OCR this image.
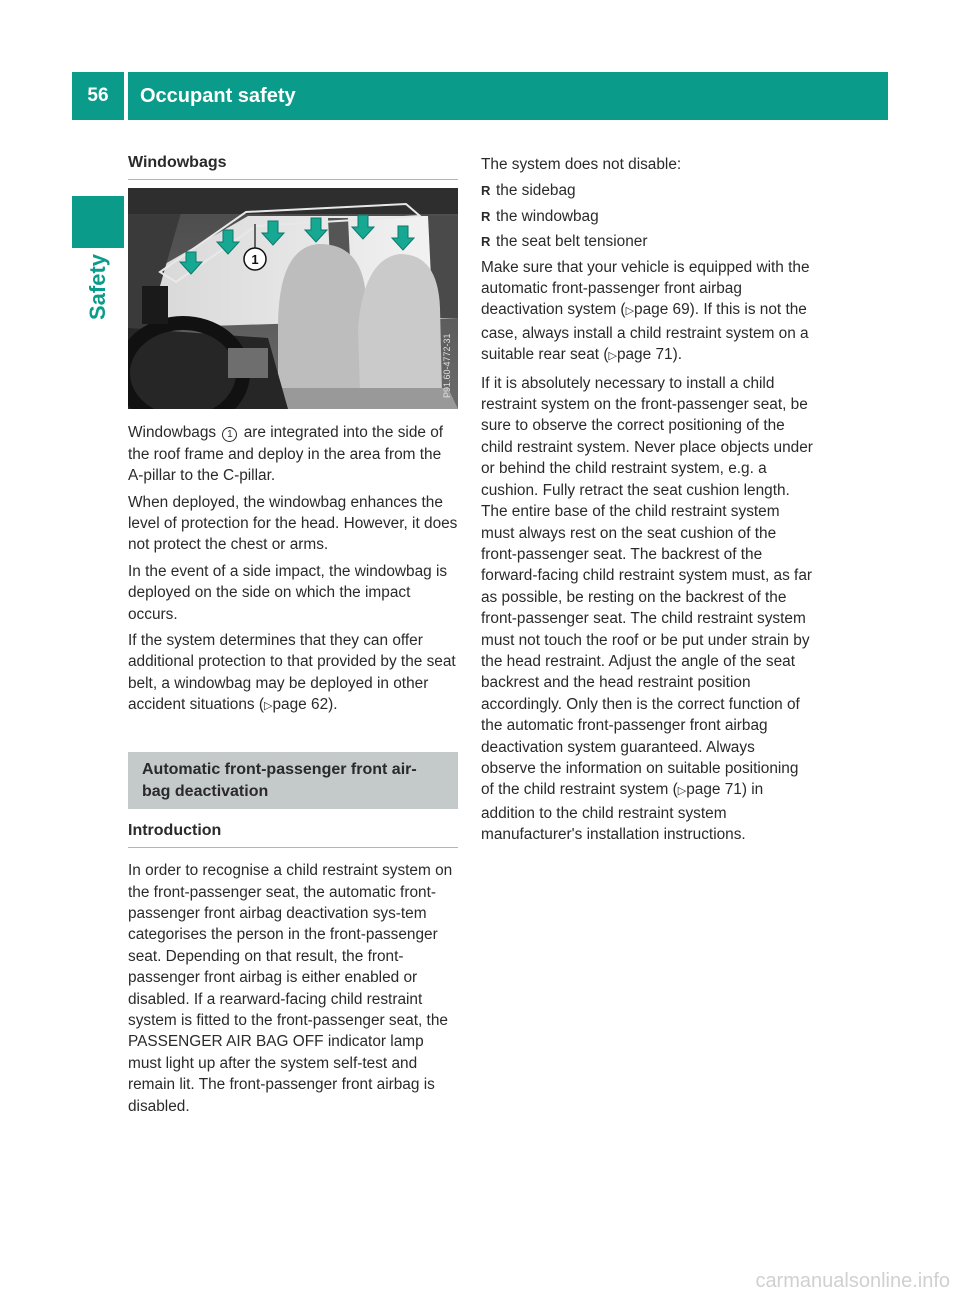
56	Occupant safety
Safety
Windowbags
1
P91.60-4772-31

Windowbags 1 are integrated into the side of the roof frame and deploy in the area from the A-pillar to the C-pillar.

When deployed, the windowbag enhances the level of protection for the head. However, it does not protect the chest or arms.

In the event of a side impact, the windowbag is deployed on the side on which the impact occurs.

If the system determines that they can offer additional protection to that provided by the seat belt, a windowbag may be deployed in other accident situations (▷page 62).

Automatic front-passenger front air-bag deactivation
Introduction

In order to recognise a child restraint system on the front-passenger seat, the automatic front-passenger front airbag deactivation sys-tem categorises the person in the front-passenger seat. Depending on that result, the front-passenger front airbag is either enabled or disabled. If a rearward-facing child restraint system is fitted to the front-passenger seat, the PASSENGER AIR BAG OFF indicator lamp must light up after the system self-test and remain lit. The front-passenger front airbag is disabled.

The system does not disable:

R the sidebag
R the windowbag
R the seat belt tensioner

Make sure that your vehicle is equipped with the automatic front-passenger front airbag deactivation system (▷page 69). If this is not the case, always install a child restraint system on a suitable rear seat (▷page 71).

If it is absolutely necessary to install a child restraint system on the front-passenger seat, be sure to observe the correct positioning of the child restraint system. Never place objects under or behind the child restraint system, e.g. a cushion. Fully retract the seat cushion length. The entire base of the child restraint system must always rest on the seat cushion of the front-passenger seat. The backrest of the forward-facing child restraint system must, as far as possible, be resting on the backrest of the front-passenger seat. The child restraint system must not touch the roof or be put under strain by the head restraint. Adjust the angle of the seat backrest and the head restraint position accordingly. Only then is the correct function of the automatic front-passenger front airbag deactivation system guaranteed. Always observe the information on suitable positioning of the child restraint system (▷page 71) in addition to the child restraint system manufacturer's installation instructions.

carmanualsonline.info
